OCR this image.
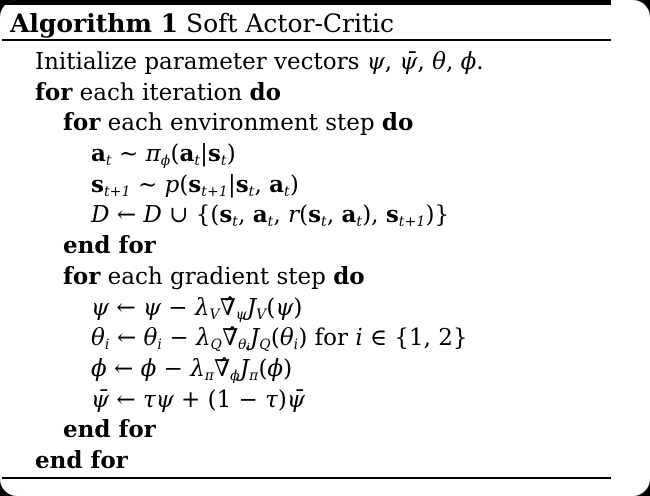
Algorithm 1 Soft Actor-Critic
Initialize parameter vectors ψ, ψ̄, θ, ϕ.
for each iteration do
for each environment step do
at ∼ πϕ(at|st)
st+1 ∼ p(st+1|st, at)
D ← D ∪ {(st, at, r(st, at), st+1)}
end for
for each gradient step do
ψ ← ψ − λV∇̂ψJV(ψ)
θi ← $\theta i - \lambda Q\nablâ\theta_iJQ(\theta i)$ for i ∈ {1, 2}
ϕ ← ϕ − λπ∇̂ϕJπ(ϕ)
ψ̄ ← τψ + (1 − τ)ψ̄
end for
end for
